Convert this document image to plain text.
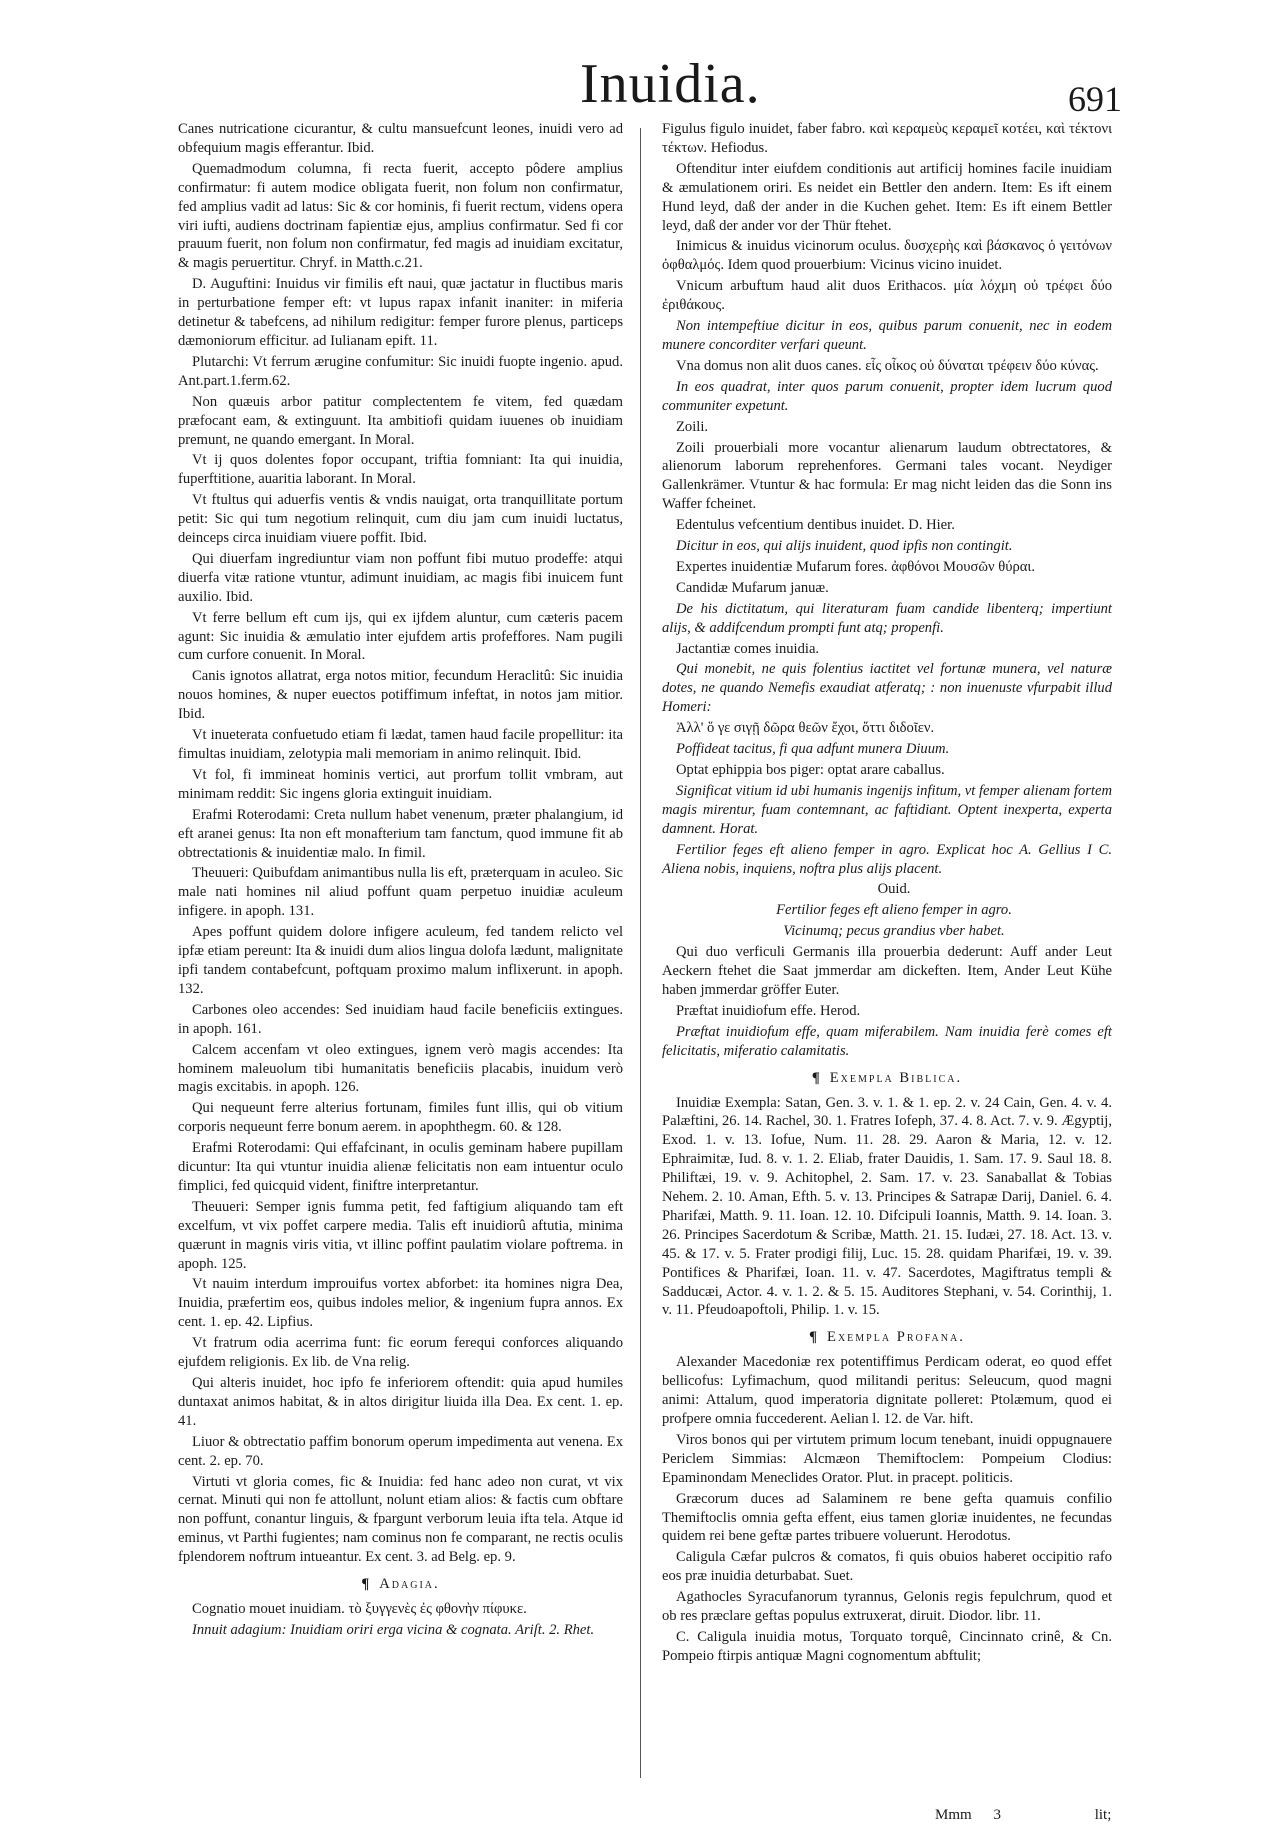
Inuidia.	691

Canes nutricatione cicurantur, & cultu mansuefcunt leones, inuidi vero ad obfequium magis efferantur. Ibid.

Quemadmodum columna, fi recta fuerit, accepto pôdere amplius confirmatur: fi autem modice obligata fuerit, non folum non confirmatur, fed amplius vadit ad latus: Sic & cor hominis, fi fuerit rectum, videns opera viri iufti, audiens doctrinam fapientiæ ejus, amplius confirmatur. Sed fi cor prauum fuerit, non folum non confirmatur, fed magis ad inuidiam excitatur, & magis peruertitur. Chryf. in Matth.c.21.

D. Auguftini: Inuidus vir fimilis eft naui, quæ jactatur in fluctibus maris in perturbatione femper eft: vt lupus rapax infanit inaniter: in miferia detinetur & tabefcens, ad nihilum redigitur: femper furore plenus, particeps dæmoniorum efficitur. ad Iulianam epift. 11.

Plutarchi: Vt ferrum ærugine confumitur: Sic inuidi fuopte ingenio. apud. Ant.part.1.ferm.62.

Non quæuis arbor patitur complectentem fe vitem, fed quædam præfocant eam, & extinguunt. Ita ambitiofi quidam iuuenes ob inuidiam premunt, ne quando emergant. In Moral.

Vt ij quos dolentes fopor occupant, triftia fomniant: Ita qui inuidia, fuperftitione, auaritia laborant. In Moral.

Vt ftultus qui aduerfis ventis & vndis nauigat, orta tranquillitate portum petit: Sic qui tum negotium relinquit, cum diu jam cum inuidi luctatus, deinceps circa inuidiam viuere poffit. Ibid.

Qui diuerfam ingrediuntur viam non poffunt fibi mutuo prodeffe: atqui diuerfa vitæ ratione vtuntur, adimunt inuidiam, ac magis fibi inuicem funt auxilio. Ibid.

Vt ferre bellum eft cum ijs, qui ex ijfdem aluntur, cum cæteris pacem agunt: Sic inuidia & æmulatio inter ejufdem artis profeffores. Nam pugili cum curfore conuenit. In Moral.

Canis ignotos allatrat, erga notos mitior, fecundum Heraclitû: Sic inuidia nouos homines, & nuper euectos potiffimum infeftat, in notos jam mitior. Ibid.

Vt inueterata confuetudo etiam fi lædat, tamen haud facile propellitur: ita fimultas inuidiam, zelotypia mali memoriam in animo relinquit. Ibid.

Vt fol, fi immineat hominis vertici, aut prorfum tollit vmbram, aut minimam reddit: Sic ingens gloria extinguit inuidiam.

Erafmi Roterodami: Creta nullum habet venenum, præter phalangium, id eft aranei genus: Ita non eft monafterium tam fanctum, quod immune fit ab obtrectationis & inuidentiæ malo. In fimil.

Theuueri: Quibufdam animantibus nulla lis eft, præterquam in aculeo. Sic male nati homines nil aliud poffunt quam perpetuo inuidiæ aculeum infigere. in apoph. 131.

Apes poffunt quidem dolore infigere aculeum, fed tandem relicto vel ipfæ etiam pereunt: Ita & inuidi dum alios lingua dolofa lædunt, malignitate ipfi tandem contabefcunt, poftquam proximo malum inflixerunt. in apoph. 132.

Carbones oleo accendes: Sed inuidiam haud facile beneficiis extingues. in apoph. 161.

Calcem accenfam vt oleo extingues, ignem verò magis accendes: Ita hominem maleuolum tibi humanitatis beneficiis placabis, inuidum verò magis excitabis. in apoph. 126.

Qui nequeunt ferre alterius fortunam, fimiles funt illis, qui ob vitium corporis nequeunt ferre bonum aerem. in apophthegm. 60. & 128.

Erafmi Roterodami: Qui effafcinant, in oculis geminam habere pupillam dicuntur: Ita qui vtuntur inuidia alienæ felicitatis non eam intuentur oculo fimplici, fed quicquid vident, finiftre interpretantur.

Theuueri: Semper ignis fumma petit, fed faftigium aliquando tam eft excelfum, vt vix poffet carpere media. Talis eft inuidiorû aftutia, minima quærunt in magnis viris vitia, vt illinc poffint paulatim violare poftrema. in apoph. 125.

Vt nauim interdum improuifus vortex abforbet: ita homines nigra Dea, Inuidia, præfertim eos, quibus indoles melior, & ingenium fupra annos. Ex cent. 1. ep. 42. Lipfius.

Vt fratrum odia acerrima funt: fic eorum ferequi conforces aliquando ejufdem religionis. Ex lib. de Vna relig.

Qui alteris inuidet, hoc ipfo fe inferiorem oftendit: quia apud humiles duntaxat animos habitat, & in altos dirigitur liuida illa Dea. Ex cent. 1. ep. 41.

Liuor & obtrectatio paffim bonorum operum impedimenta aut venena. Ex cent. 2. ep. 70.

Virtuti vt gloria comes, fic & Inuidia: fed hanc adeo non curat, vt vix cernat. Minuti qui non fe attollunt, nolunt etiam alios: & factis cum obftare non poffunt, conantur linguis, & fpargunt verborum leuia ifta tela. Atque id eminus, vt Parthi fugientes; nam cominus non fe comparant, ne rectis oculis fplendorem noftrum intueantur. Ex cent. 3. ad Belg. ep. 9.

¶ Adagia.

Cognatio mouet inuidiam. τὸ ξυγγενὲς ἐς φθονὴν πίφυκε.

Innuit adagium: Inuidiam oriri erga vicina & cognata. Ariſt. 2. Rhet.

Figulus figulo inuidet, faber fabro. καὶ κεραμεὺς κεραμεῖ κοτέει, καὶ τέκτονι τέκτων. Hefiodus.

Oftenditur inter eiufdem conditionis aut artificij homines facile inuidiam & æmulationem oriri. Es neidet ein Bettler den andern. Item: Es ift einem Hund leyd, daß der ander in die Kuchen gehet. Item: Es ift einem Bettler leyd, daß der ander vor der Thür ftehet.

Inimicus & inuidus vicinorum oculus. δυσχερὴς καὶ βάσκανος ὁ γειτόνων ὀφθαλμός. Idem quod prouerbium: Vicinus vicino inuidet.

Vnicum arbuftum haud alit duos Erithacos. μία λόχμη οὐ τρέφει δύο ἐριθάκους.

Non intempeftiue dicitur in eos, quibus parum conuenit, nec in eodem munere concorditer verfari queunt.

Vna domus non alit duos canes. εἷς οἶκος οὐ δύναται τρέφειν δύο κύνας.

In eos quadrat, inter quos parum conuenit, propter idem lucrum quod communiter expetunt.

Zoili.

Zoili prouerbiali more vocantur alienarum laudum obtrectatores, & alienorum laborum reprehenfores. Germani tales vocant. Neydiger Gallenkrämer. Vtuntur & hac formula: Er mag nicht leiden das die Sonn ins Waffer fcheinet.

Edentulus vefcentium dentibus inuidet. D. Hier.

Dicitur in eos, qui alijs inuident, quod ipfis non contingit.

Expertes inuidentiæ Mufarum fores. ἀφθόνοι Μουσῶν θύραι.

Candidæ Mufarum januæ.

De his dictitatum, qui literaturam fuam candide libenterq; impertiunt alijs, & addifcendum prompti funt atq; propenfi.

Jactantiæ comes inuidia.

Qui monebit, ne quis folentius iactitet vel fortunæ munera, vel naturæ dotes, ne quando Nemefis exaudiat atferatq; : non inuenuste vfurpabit illud Homeri:

Ἀλλ' ὅ γε σιγῇ δῶρα θεῶν ἔχοι, ὅττι διδοῖεν.

Poffideat tacitus, fi qua adfunt munera Diuum.

Optat ephippia bos piger: optat arare caballus.

Significat vitium id ubi humanis ingenijs infitum, vt femper alienam fortem magis mirentur, fuam contemnant, ac faftidiant. Optent inexperta, experta damnent. Horat.

Fertilior feges eft alieno femper in agro. Explicat hoc A. Gellius I C. Aliena nobis, inquiens, noftra plus alijs placent.

Ouid.

Fertilior feges eft alieno femper in agro.

Vicinumq; pecus grandius vber habet.

Qui duo verficuli Germanis illa prouerbia dederunt: Auff ander Leut Aeckern ftehet die Saat jmmerdar am dickeften. Item, Ander Leut Kühe haben jmmerdar gröffer Euter.

Præftat inuidiofum effe. Herod.

Præftat inuidiofum effe, quam miferabilem. Nam inuidia ferè comes eft felicitatis, miferatio calamitatis.

¶ Exempla Biblica.

Inuidiæ Exempla: Satan, Gen. 3. v. 1. & 1. ep. 2. v. 24 Cain, Gen. 4. v. 4. Palæftini, 26. 14. Rachel, 30. 1. Fratres Iofeph, 37. 4. 8. Act. 7. v. 9. Ægyptij, Exod. 1. v. 13. Iofue, Num. 11. 28. 29. Aaron & Maria, 12. v. 12. Ephraimitæ, Iud. 8. v. 1. 2. Eliab, frater Dauidis, 1. Sam. 17. 9. Saul 18. 8. Philiftæi, 19. v. 9. Achitophel, 2. Sam. 17. v. 23. Sanaballat & Tobias Nehem. 2. 10. Aman, Efth. 5. v. 13. Principes & Satrapæ Darij, Daniel. 6. 4. Pharifæi, Matth. 9. 11. Ioan. 12. 10. Difcipuli Ioannis, Matth. 9. 14. Ioan. 3. 26. Principes Sacerdotum & Scribæ, Matth. 21. 15. Iudæi, 27. 18. Act. 13. v. 45. & 17. v. 5. Frater prodigi filij, Luc. 15. 28. quidam Pharifæi, 19. v. 39. Pontifices & Pharifæi, Ioan. 11. v. 47. Sacerdotes, Magiftratus templi & Sadducæi, Actor. 4. v. 1. 2. & 5. 15. Auditores Stephani, v. 54. Corinthij, 1. v. 11. Pfeudoapoftoli, Philip. 1. v. 15.

¶ Exempla Profana.

Alexander Macedoniæ rex potentiffimus Perdicam oderat, eo quod effet bellicofus: Lyfimachum, quod militandi peritus: Seleucum, quod magni animi: Attalum, quod imperatoria dignitate polleret: Ptolæmum, quod ei profpere omnia fuccederent. Aelian l. 12. de Var. hift.

Viros bonos qui per virtutem primum locum tenebant, inuidi oppugnauere Periclem Simmias: Alcmæon Themiftoclem: Pompeium Clodius: Epaminondam Meneclides Orator. Plut. in pracept. politicis.

Græcorum duces ad Salaminem re bene gefta quamuis confilio Themiftoclis omnia gefta effent, eius tamen gloriæ inuidentes, ne fecundas quidem rei bene geftæ partes tribuere voluerunt. Herodotus.

Caligula Cæfar pulcros & comatos, fi quis obuios haberet occipitio rafo eos præ inuidia deturbabat. Suet.

Agathocles Syracufanorum tyrannus, Gelonis regis fepulchrum, quod et ob res præclare geftas populus extruxerat, diruit. Diodor. libr. 11.

C. Caligula inuidia motus, Torquato torquê, Cincinnato crinê, & Cn. Pompeio ftirpis antiquæ Magni cognomentum abftulit;

Mmm 3	lit;
